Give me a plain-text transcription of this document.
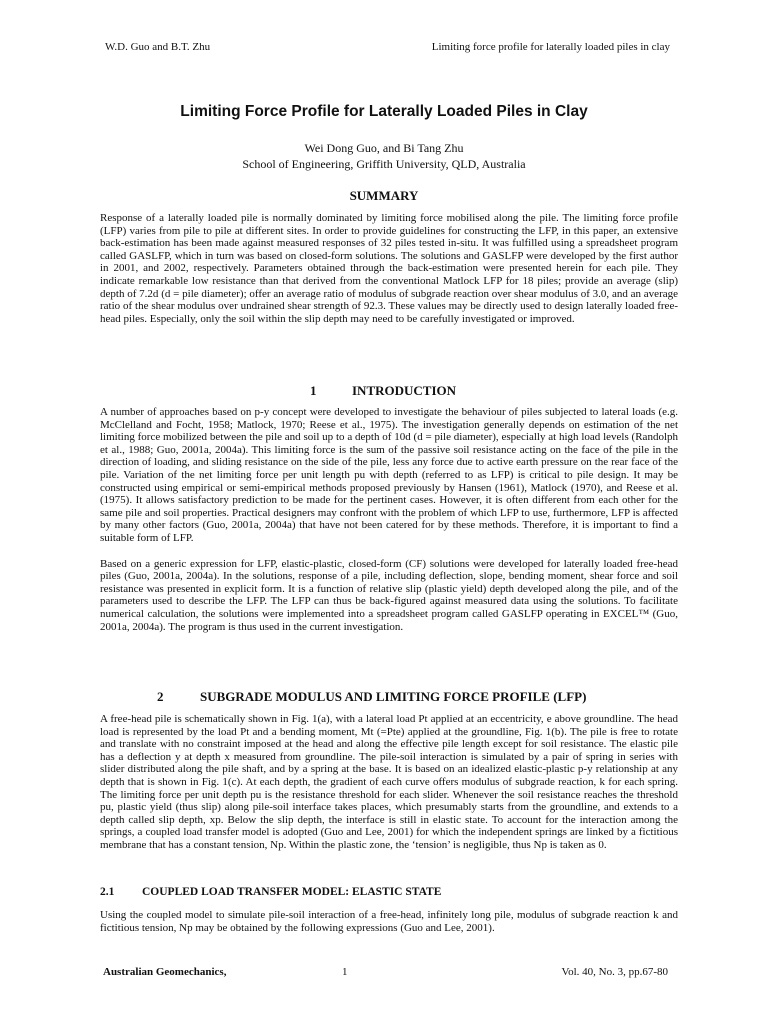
W.D. Guo and B.T. Zhu	Limiting force profile for laterally loaded piles in clay
Limiting Force Profile for Laterally Loaded Piles in Clay
Wei Dong Guo, and Bi Tang Zhu
School of Engineering, Griffith University, QLD, Australia
SUMMARY

Response of a laterally loaded pile is normally dominated by limiting force mobilised along the pile. The limiting force profile (LFP) varies from pile to pile at different sites. In order to provide guidelines for constructing the LFP, in this paper, an extensive back-estimation has been made against measured responses of 32 piles tested in-situ. It was fulfilled using a spreadsheet program called GASLFP, which in turn was based on closed-form solutions. The solutions and GASLFP were developed by the first author in 2001, and 2002, respectively. Parameters obtained through the back-estimation were presented herein for each pile. They indicate remarkable low resistance than that derived from the conventional Matlock LFP for 18 piles; provide an average (slip) depth of 7.2d (d = pile diameter); offer an average ratio of modulus of subgrade reaction over shear modulus of 3.0, and an average ratio of the shear modulus over undrained shear strength of 92.3. These values may be directly used to design laterally loaded free-head piles. Especially, only the soil within the slip depth may need to be carefully investigated or improved.

1	INTRODUCTION

A number of approaches based on p-y concept were developed to investigate the behaviour of piles subjected to lateral loads (e.g. McClelland and Focht, 1958; Matlock, 1970; Reese et al., 1975). The investigation generally depends on estimation of the net limiting force mobilized between the pile and soil up to a depth of 10d (d = pile diameter), especially at high load levels (Randolph et al., 1988; Guo, 2001a, 2004a). This limiting force is the sum of the passive soil resistance acting on the face of the pile in the direction of loading, and sliding resistance on the side of the pile, less any force due to active earth pressure on the rear face of the pile. Variation of the net limiting force per unit length pu with depth (referred to as LFP) is critical to pile design. It may be constructed using empirical or semi-empirical methods proposed previously by Hansen (1961), Matlock (1970), and Reese et al. (1975). It allows satisfactory prediction to be made for the pertinent cases. However, it is often different from each other for the same pile and soil properties. Practical designers may confront with the problem of which LFP to use, furthermore, LFP is affected by many other factors (Guo, 2001a, 2004a) that have not been catered for by these methods. Therefore, it is important to find a suitable form of LFP.

Based on a generic expression for LFP, elastic-plastic, closed-form (CF) solutions were developed for laterally loaded free-head piles (Guo, 2001a, 2004a). In the solutions, response of a pile, including deflection, slope, bending moment, shear force and soil resistance was presented in explicit form. It is a function of relative slip (plastic yield) depth developed along the pile, and of the parameters used to describe the LFP. The LFP can thus be back-figured against measured data using the solutions. To facilitate numerical calculation, the solutions were implemented into a spreadsheet program called GASLFP operating in EXCEL™ (Guo, 2001a, 2004a). The program is thus used in the current investigation.

2	SUBGRADE MODULUS AND LIMITING FORCE PROFILE (LFP)

A free-head pile is schematically shown in Fig. 1(a), with a lateral load Pt applied at an eccentricity, e above groundline. The head load is represented by the load Pt and a bending moment, Mt (=Pte) applied at the groundline, Fig. 1(b). The pile is free to rotate and translate with no constraint imposed at the head and along the effective pile length except for soil resistance. The elastic pile has a deflection y at depth x measured from groundline. The pile-soil interaction is simulated by a pair of spring in series with slider distributed along the pile shaft, and by a spring at the base. It is based on an idealized elastic-plastic p-y relationship at any depth that is shown in Fig. 1(c). At each depth, the gradient of each curve offers modulus of subgrade reaction, k for each spring. The limiting force per unit depth pu is the resistance threshold for each slider. Whenever the soil resistance reaches the threshold pu, plastic yield (thus slip) along pile-soil interface takes places, which presumably starts from the groundline, and extends to a depth called slip depth, xp. Below the slip depth, the interface is still in elastic state. To account for the interaction among the springs, a coupled load transfer model is adopted (Guo and Lee, 2001) for which the independent springs are linked by a fictitious membrane that has a constant tension, Np. Within the plastic zone, the ‘tension’ is negligible, thus Np is taken as 0.

2.1 COUPLED LOAD TRANSFER MODEL: ELASTIC STATE

Using the coupled model to simulate pile-soil interaction of a free-head, infinitely long pile, modulus of subgrade reaction k and fictitious tension, Np may be obtained by the following expressions (Guo and Lee, 2001).

Australian Geomechanics,	1	Vol. 40, No. 3, pp.67-80
